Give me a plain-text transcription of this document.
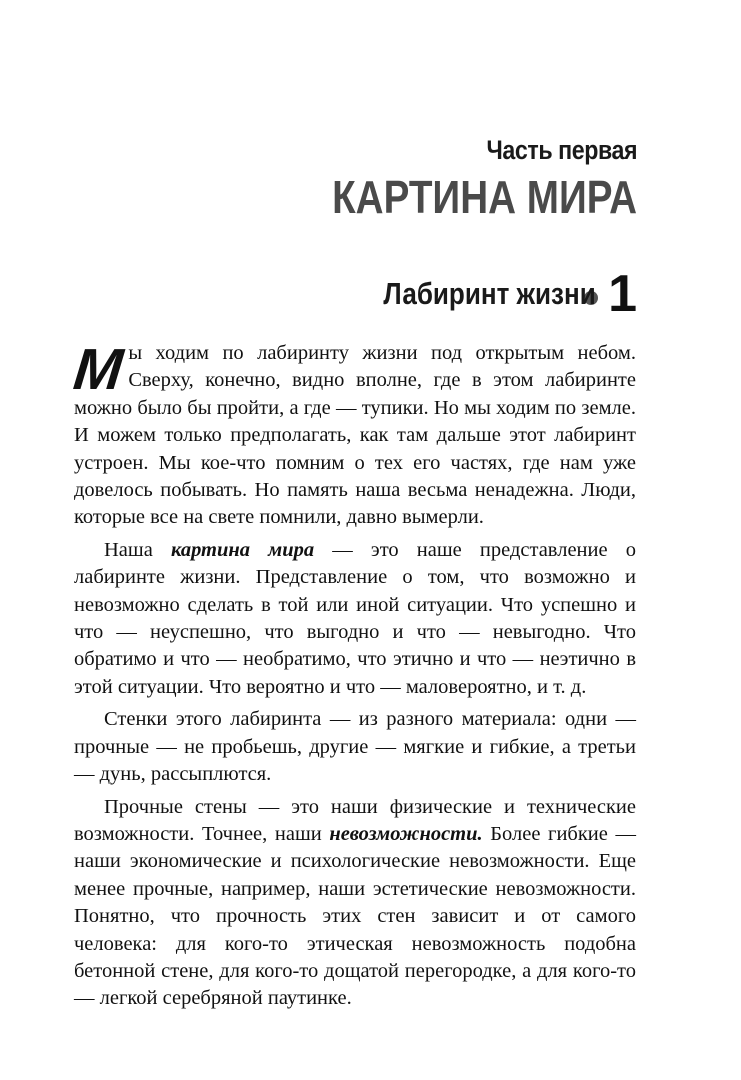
Часть первая
КАРТИНА МИРА
Лабиринт жизни 1

Мы ходим по лабиринту жизни под открытым небом. Сверху, конечно, видно вполне, где в этом лабиринте можно было бы пройти, а где — тупики. Но мы ходим по земле. И можем только предполагать, как там дальше этот лабиринт устроен. Мы кое-что помним о тех его частях, где нам уже довелось побывать. Но память наша весьма ненадежна. Люди, которые все на свете помнили, давно вымерли.

Наша картина мира — это наше представление о лабиринте жизни. Представление о том, что возможно и невозможно сделать в той или иной ситуации. Что успешно и что — неуспешно, что выгодно и что — невыгодно. Что обратимо и что — необратимо, что этично и что — неэтично в этой ситуации. Что вероятно и что — маловероятно, и т. д.

Стенки этого лабиринта — из разного материала: одни — прочные — не пробьешь, другие — мягкие и гибкие, а третьи — дунь, рассыплются.

Прочные стены — это наши физические и технические возможности. Точнее, наши невозможности. Более гибкие — наши экономические и психологические невозможности. Еще менее прочные, например, наши эстетические невозможности. Понятно, что прочность этих стен зависит и от самого человека: для кого-то этическая невозможность подобна бетонной стене, для кого-то дощатой перегородке, а для кого-то — легкой серебряной паутинке.
